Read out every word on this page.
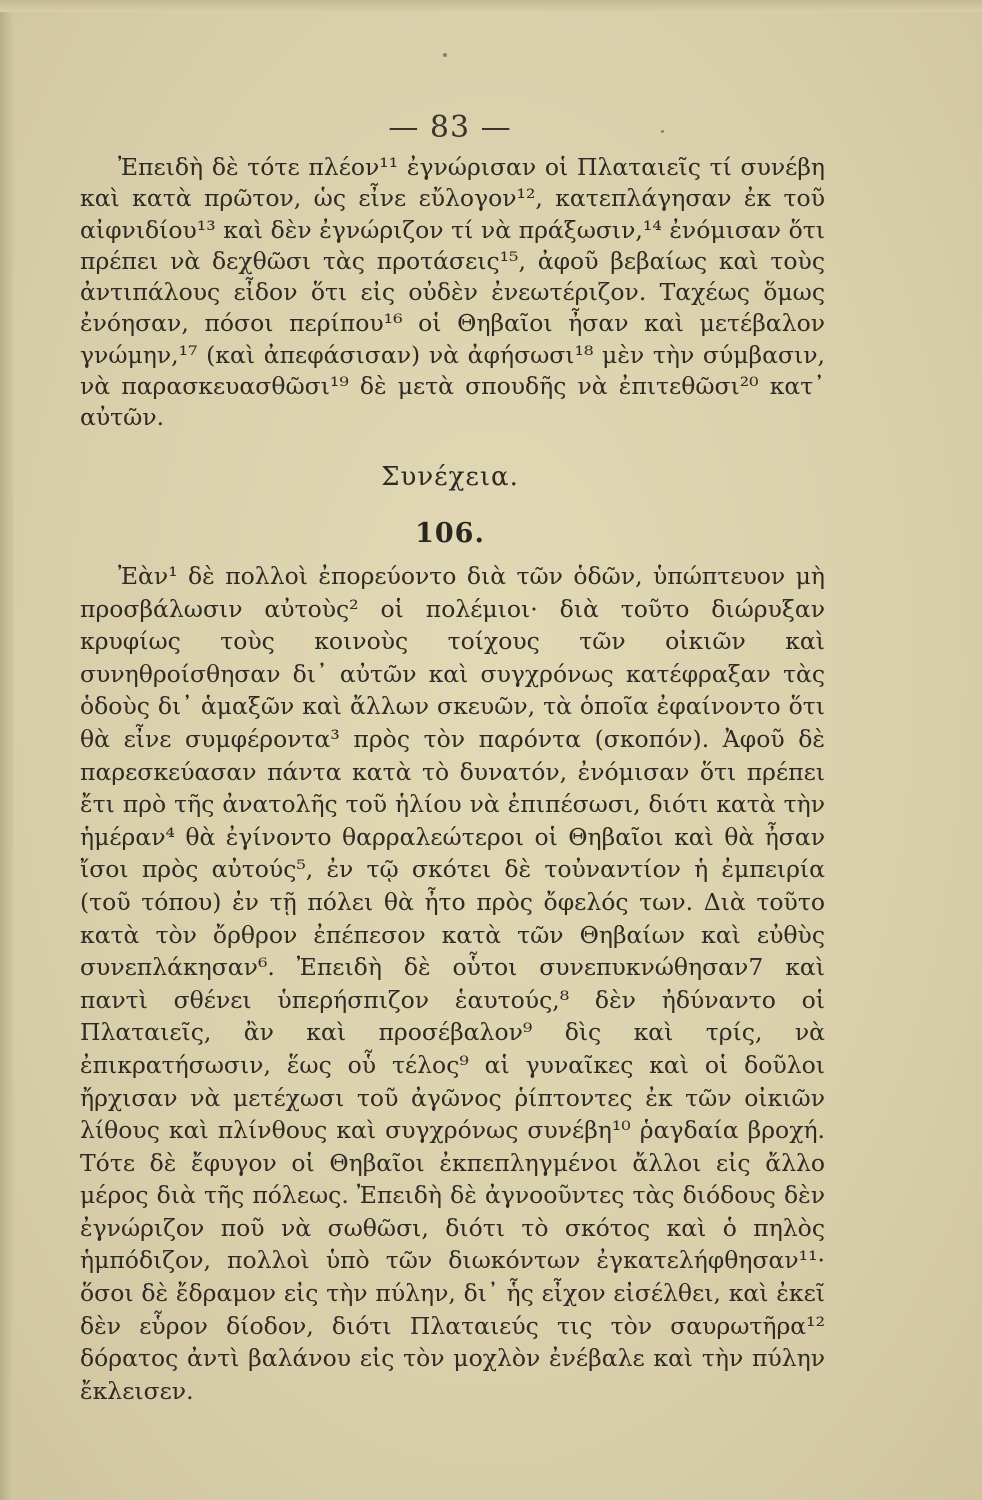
— 83 —

Ἐπειδὴ δὲ τότε πλέον¹¹ ἐγνώρισαν οἱ Πλαταιεῖς τί συνέβη καὶ κατὰ πρῶτον, ὡς εἶνε εὔλογον¹², κατεπλάγησαν ἐκ τοῦ αἰφνιδίου¹³ καὶ δὲν ἐγνώριζον τί νὰ πράξωσιν,¹⁴ ἐνόμισαν ὅτι πρέπει νὰ δεχθῶσι τὰς προτάσεις¹⁵, ἀφοῦ βεβαίως καὶ τοὺς ἀντιπάλους εἶδον ὅτι εἰς οὐδὲν ἐνεωτέριζον. Ταχέως ὅμως ἐνόησαν, πόσοι περίπου¹⁶ οἱ Θηβαῖοι ἦσαν καὶ μετέβαλον γνώμην,¹⁷ (καὶ ἀπεφάσισαν) νὰ ἀφήσωσι¹⁸ μὲν τὴν σύμβασιν, νὰ παρασκευασθῶσι¹⁹ δὲ μετὰ σπουδῆς νὰ ἐπιτεθῶσι²⁰ κατ᾽ αὐτῶν.

Συνέχεια.
106.

Ἐὰν¹ δὲ πολλοὶ ἐπορεύοντο διὰ τῶν ὁδῶν, ὑπώπτευον μὴ προσβάλωσιν αὐτοὺς² οἱ πολέμιοι· διὰ τοῦτο διώρυξαν κρυφίως τοὺς κοινοὺς τοίχους τῶν οἰκιῶν καὶ συνηθροίσθησαν δι᾽ αὐτῶν καὶ συγχρόνως κατέφραξαν τὰς ὁδοὺς δι᾽ ἁμαξῶν καὶ ἄλλων σκευῶν, τὰ ὁποῖα ἐφαίνοντο ὅτι θὰ εἶνε συμφέροντα³ πρὸς τὸν παρόντα (σκοπόν). Ἀφοῦ δὲ παρεσκεύασαν πάντα κατὰ τὸ δυνατόν, ἐνόμισαν ὅτι πρέπει ἔτι πρὸ τῆς ἀνατολῆς τοῦ ἡλίου νὰ ἐπιπέσωσι, διότι κατὰ τὴν ἡμέραν⁴ θὰ ἐγίνοντο θαρραλεώτεροι οἱ Θηβαῖοι καὶ θὰ ἦσαν ἴσοι πρὸς αὐτούς⁵, ἐν τῷ σκότει δὲ τοὐναντίον ἡ ἐμπειρία (τοῦ τόπου) ἐν τῇ πόλει θὰ ἦτο πρὸς ὄφελός των. Διὰ τοῦτο κατὰ τὸν ὄρθρον ἐπέπεσον κατὰ τῶν Θηβαίων καὶ εὐθὺς συνεπλάκησαν⁶. Ἐπειδὴ δὲ οὗτοι συνεπυκνώθησαν7 καὶ παντὶ σθένει ὑπερήσπιζον ἑαυτούς,⁸ δὲν ἠδύναντο οἱ Πλαταιεῖς, ἂν καὶ προσέβαλον⁹ δὶς καὶ τρίς, νὰ ἐπικρατήσωσιν, ἕως οὗ τέλος⁹ αἱ γυναῖκες καὶ οἱ δοῦλοι ἤρχισαν νὰ μετέχωσι τοῦ ἀγῶνος ῥίπτοντες ἐκ τῶν οἰκιῶν λίθους καὶ πλίνθους καὶ συγχρόνως συνέβη¹⁰ ῥαγδαία βροχή. Τότε δὲ ἔφυγον οἱ Θηβαῖοι ἐκπεπληγμένοι ἄλλοι εἰς ἄλλο μέρος διὰ τῆς πόλεως. Ἐπειδὴ δὲ ἀγνοοῦντες τὰς διόδους δὲν ἐγνώριζον ποῦ νὰ σωθῶσι, διότι τὸ σκότος καὶ ὁ πηλὸς ἡμπόδιζον, πολλοὶ ὑπὸ τῶν διωκόντων ἐγκατελήφθησαν¹¹· ὅσοι δὲ ἔδραμον εἰς τὴν πύλην, δι᾽ ἧς εἶχον εἰσέλθει, καὶ ἐκεῖ δὲν εὗρον δίοδον, διότι Πλαταιεύς τις τὸν σαυρωτῆρα¹² δόρατος ἀντὶ βαλάνου εἰς τὸν μοχλὸν ἐνέβαλε καὶ τὴν πύλην ἔκλεισεν.
